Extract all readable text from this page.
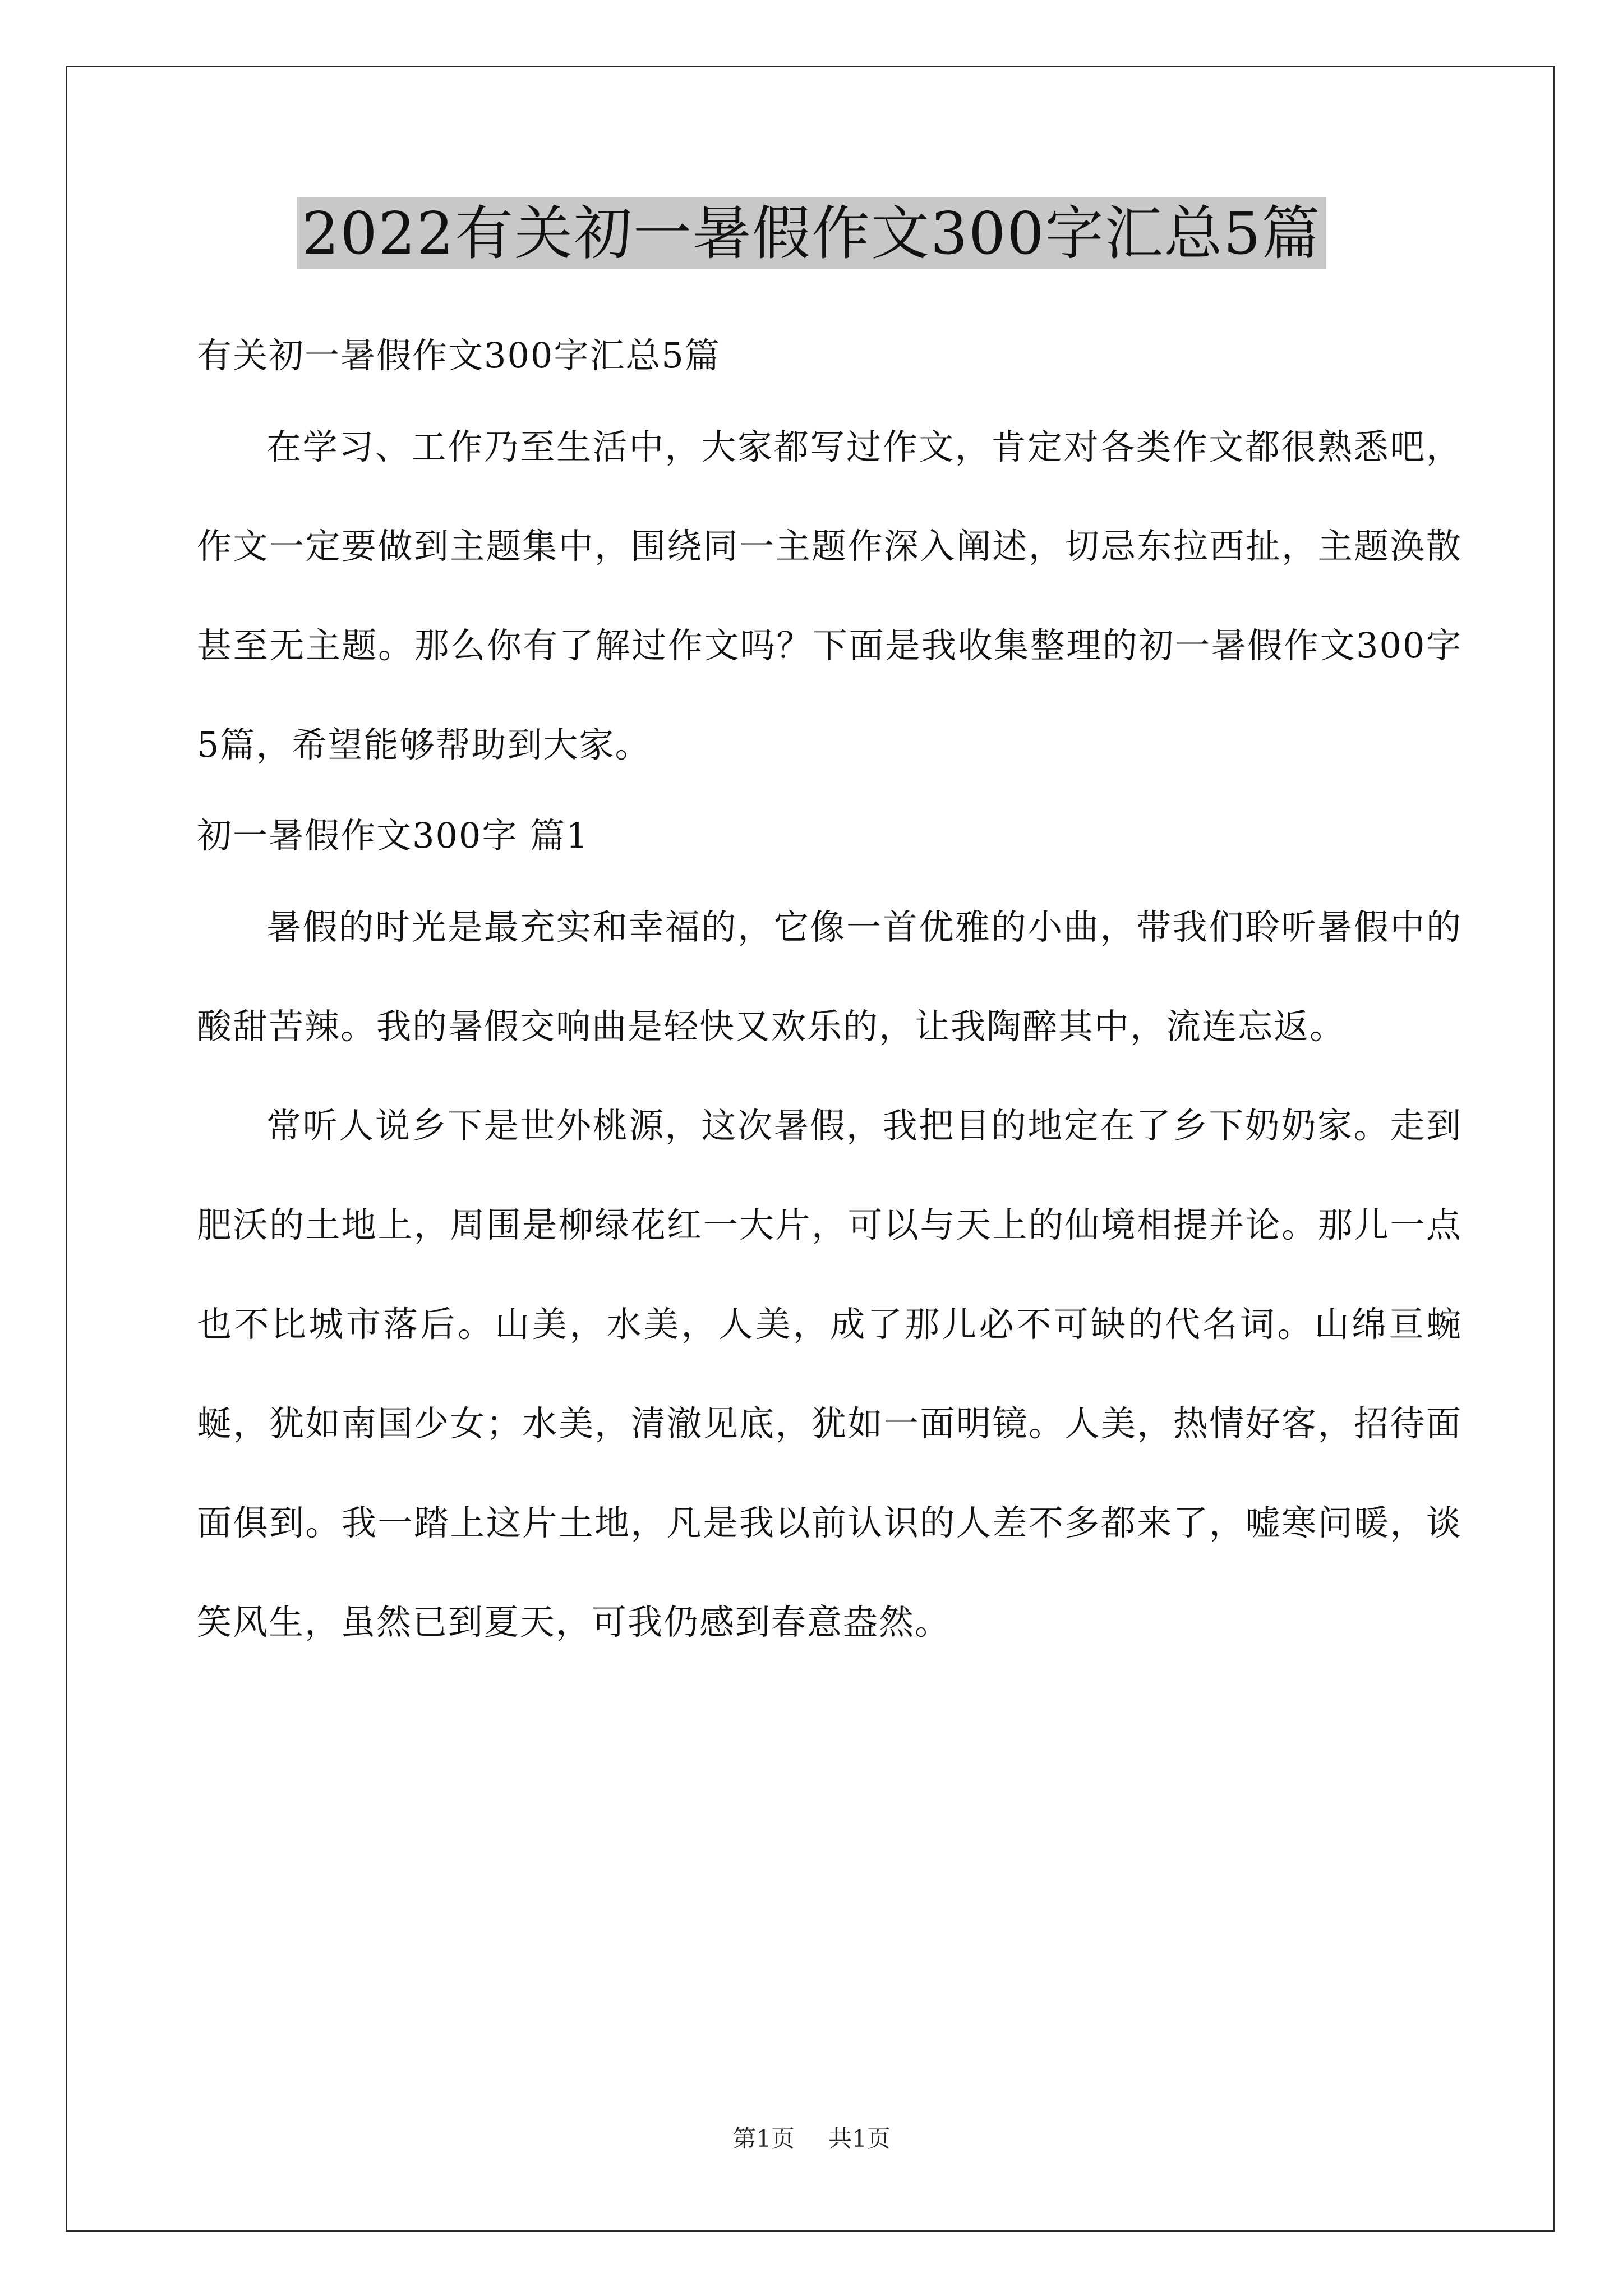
2022有关初一暑假作文300字汇总5篇

有关初一暑假作文300字汇总5篇

在学习、工作乃至生活中，大家都写过作文，肯定对各类作文都很熟悉吧，作文一定要做到主题集中，围绕同一主题作深入阐述，切忌东拉西扯，主题涣散甚至无主题。那么你有了解过作文吗？下面是我收集整理的初一暑假作文300字5篇，希望能够帮助到大家。

初一暑假作文300字 篇1

暑假的时光是最充实和幸福的，它像一首优雅的小曲，带我们聆听暑假中的酸甜苦辣。我的暑假交响曲是轻快又欢乐的，让我陶醉其中，流连忘返。

常听人说乡下是世外桃源，这次暑假，我把目的地定在了乡下奶奶家。走到肥沃的土地上，周围是柳绿花红一大片，可以与天上的仙境相提并论。那儿一点也不比城市落后。山美，水美，人美，成了那儿必不可缺的代名词。山绵亘蜿蜒，犹如南国少女；水美，清澈见底，犹如一面明镜。人美，热情好客，招待面面俱到。我一踏上这片土地，凡是我以前认识的人差不多都来了，嘘寒问暖，谈笑风生，虽然已到夏天，可我仍感到春意盎然。

第1页 共1页
